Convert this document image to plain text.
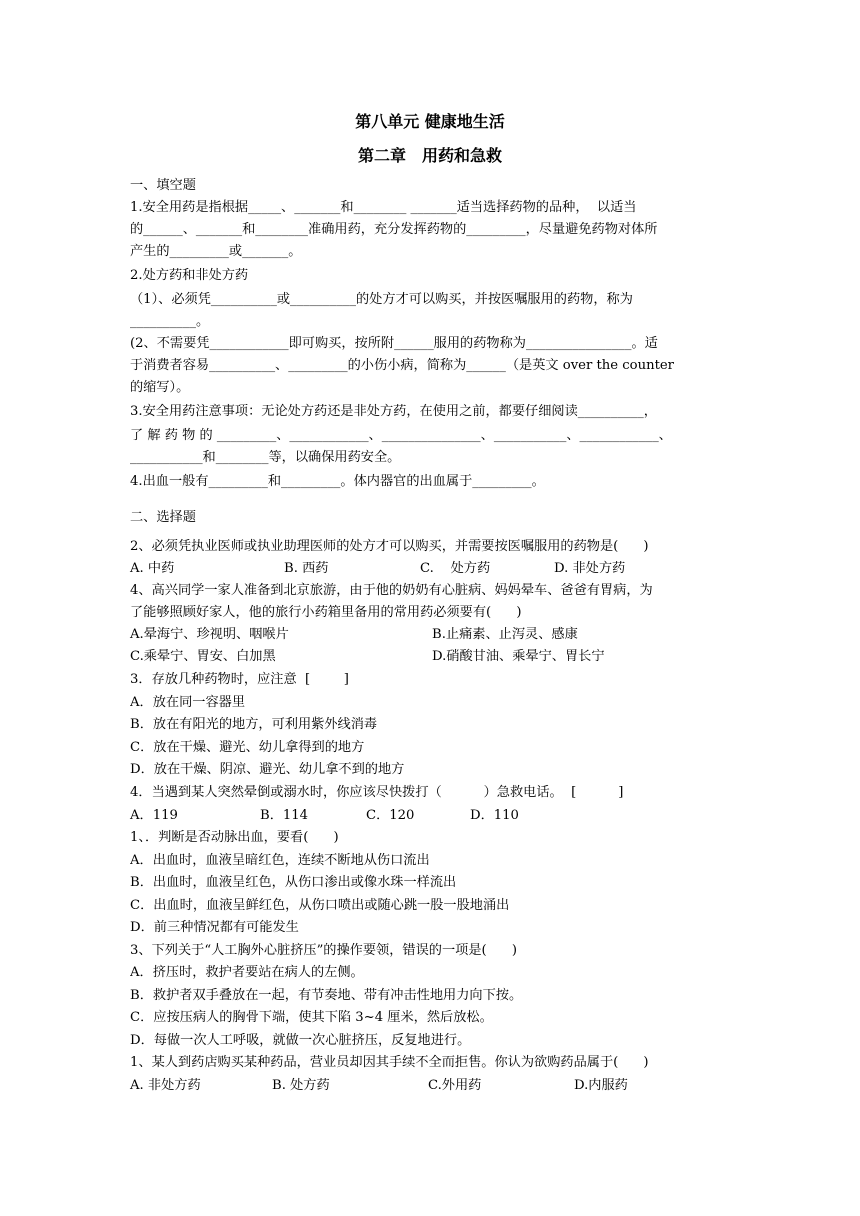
第八单元 健康地生活
第二章　用药和急救
一、填空题
1.安全用药是指根据_____、_______和________ _______适当选择药物的品种，  以适当
的______、_______和________准确用药，充分发挥药物的_________，尽量避免药物对体所
产生的_________或_______。
2.处方药和非处方药
（1）、必须凭__________或__________的处方才可以购买，并按医嘱服用的药物，称为
__________。
(2、不需要凭____________即可购买，按所附______服用的药物称为________________。适
于消费者容易__________、_________的小伤小病，简称为______（是英文 over the counter
的缩写）。
3.安全用药注意事项：无论处方药还是非处方药，在使用之前，都要仔细阅读__________，
了 解 药 物 的 _________、____________、_______________、___________、____________、
___________和________等，以确保用药安全。
4.出血一般有_________和_________。体内器官的出血属于_________。
二、选择题
2、必须凭执业医师或执业助理医师的处方才可以购买，并需要按医嘱服用的药物是(      )
A. 中药	B. 西药	C.    处方药	D. 非处方药
4、高兴同学一家人准备到北京旅游，由于他的奶奶有心脏病、妈妈晕车、爸爸有胃病，为
了能够照顾好家人，他的旅行小药箱里备用的常用药必须要有(      )
A.晕海宁、珍视明、咽喉片	B.止痛素、止泻灵、感康
C.乘晕宁、胃安、白加黑	D.硝酸甘油、乘晕宁、胃长宁
3．存放几种药物时，应注意  [        ]
A．放在同一容器里
B．放在有阳光的地方，可利用紫外线消毒
C．放在干燥、避光、幼儿拿得到的地方
D．放在干燥、阴凉、避光、幼儿拿不到的地方
4．当遇到某人突然晕倒或溺水时，你应该尽快拨打（          ）急救电话。  [          ]
A．119	B．114	C．120	D．110
1、．判断是否动脉出血，要看(      )
A．出血时，血液呈暗红色，连续不断地从伤口流出
B．出血时，血液呈红色，从伤口渗出或像水珠一样流出
C．出血时，血液呈鲜红色，从伤口喷出或随心跳一股一股地涌出
D．前三种情况都有可能发生
3、下列关于“人工胸外心脏挤压”的操作要领，错误的一项是(      )
A．挤压时，救护者要站在病人的左侧。
B．救护者双手叠放在一起，有节奏地、带有冲击性地用力向下按。
C．应按压病人的胸骨下端，使其下陷 3~4 厘米，然后放松。
D．每做一次人工呼吸，就做一次心脏挤压，反复地进行。
1、某人到药店购买某种药品，营业员却因其手续不全而拒售。你认为欲购药品属于(      )
A. 非处方药	B. 处方药	C.外用药	D.内服药
